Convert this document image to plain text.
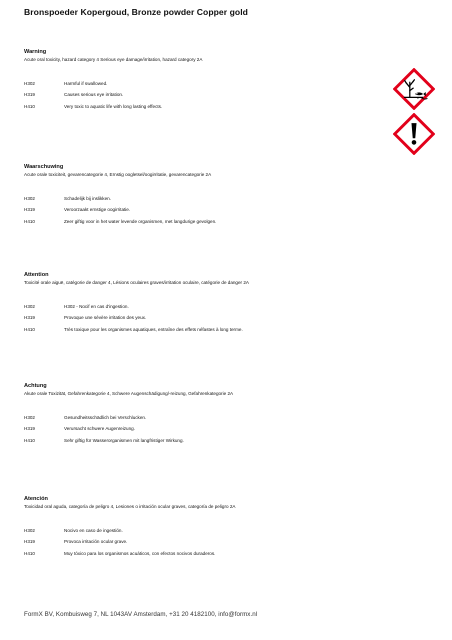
Bronspoeder Kopergoud, Bronze powder Copper gold
Warning
Acute oral toxicity, hazard category 4 Serious eye damage/irritation, hazard category 2A
H302	Harmful if swallowed.
H319	Causes serious eye irritation.
H410	Very toxic to aquatic life with long lasting effects.
Waarschuwing
Acute orale toxiciteit, gevarencategorie 4, Ernstig oogletsel/oogirritatie, gevarencategorie 2A
H302	Schadelijk bij inslikken.
H319	Veroorzaakt ernstige oogirritatie.
H410	Zeer giftig voor in het water levende organismen, met langdurige gevolgen.
Attention
Toxicité orale aiguë, catégorie de danger 4, Lésions oculaires graves/irritation oculaire, catégorie de danger 2A
H302	H302 - Nocif en cas d'ingestion.
H319	Provoque une sévère irritation des yeux.
H410	Très toxique pour les organismes aquatiques, entraîne des effets néfastes à long terme.
Achtung
Akute orale Toxizität, Gefahrenkategorie 4, Schwere Augenschädigung/-reizung, Gefahrenkategorie 2A
H302	Gesundheitsschädlich bei Verschlucken.
H319	Verursacht schwere Augenreizung.
H410	Sehr giftig für Wasserorganismen mit langfristiger Wirkung.
Atención
Toxicidad oral aguda, categoría de peligro 4, Lesiones o irritación ocular graves, categoría de peligro 2A
H302	Nocivo en caso de ingestión.
H319	Provoca irritación ocular grave.
H410	Muy tóxico para los organismos acuáticos, con efectos nocivos duraderos.
FormX BV, Kombuisweg 7, NL 1043AV Amsterdam, +31 20 4182100, info@formx.nl
